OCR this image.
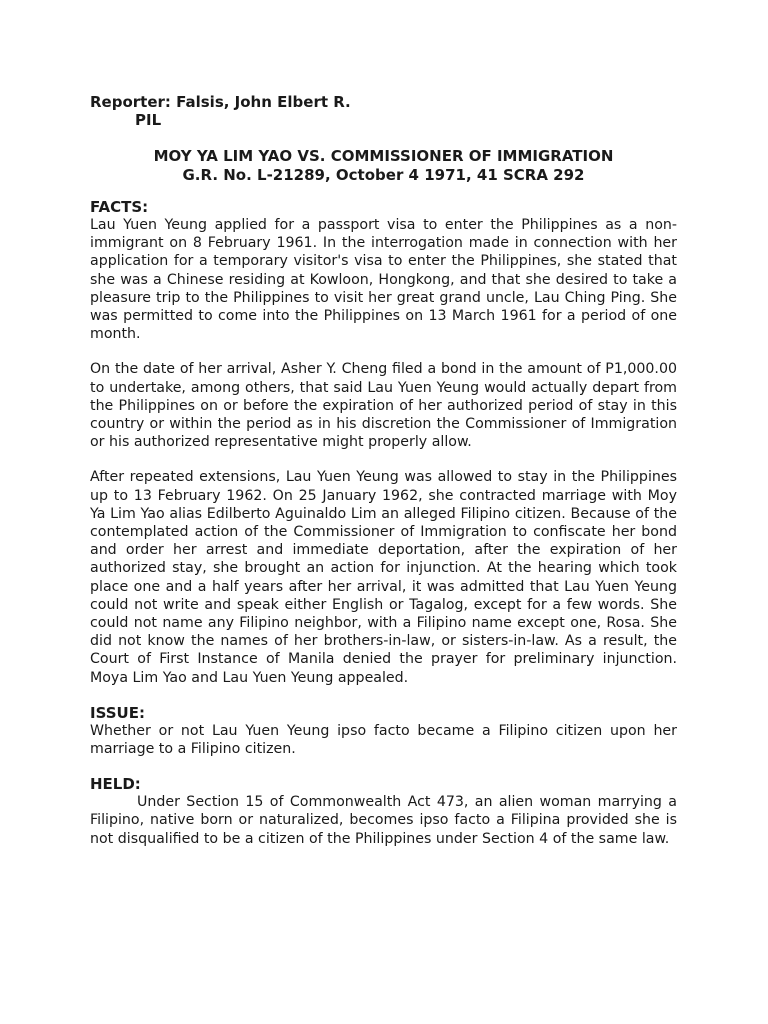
Reporter: Falsis, John Elbert R.

PIL

MOY YA LIM YAO VS. COMMISSIONER OF IMMIGRATION

G.R. No. L-21289, October 4 1971, 41 SCRA 292

FACTS:

Lau Yuen Yeung applied for a passport visa to enter the Philippines as a non-immigrant on 8 February 1961. In the interrogation made in connection with her application for a temporary visitor's visa to enter the Philippines, she stated that she was a Chinese residing at Kowloon, Hongkong, and that she desired to take a pleasure trip to the Philippines to visit her great grand uncle, Lau Ching Ping. She was permitted to come into the Philippines on 13 March 1961 for a period of one month.

On the date of her arrival, Asher Y. Cheng filed a bond in the amount of P1,000.00 to undertake, among others, that said Lau Yuen Yeung would actually depart from the Philippines on or before the expiration of her authorized period of stay in this country or within the period as in his discretion the Commissioner of Immigration or his authorized representative might properly allow.

After repeated extensions, Lau Yuen Yeung was allowed to stay in the Philippines up to 13 February 1962. On 25 January 1962, she contracted marriage with Moy Ya Lim Yao alias Edilberto Aguinaldo Lim an alleged Filipino citizen. Because of the contemplated action of the Commissioner of Immigration to confiscate her bond and order her arrest and immediate deportation, after the expiration of her authorized stay, she brought an action for injunction. At the hearing which took place one and a half years after her arrival, it was admitted that Lau Yuen Yeung could not write and speak either English or Tagalog, except for a few words. She could not name any Filipino neighbor, with a Filipino name except one, Rosa. She did not know the names of her brothers-in-law, or sisters-in-law. As a result, the Court of First Instance of Manila denied the prayer for preliminary injunction. Moya Lim Yao and Lau Yuen Yeung appealed.

ISSUE:

Whether or not Lau Yuen Yeung ipso facto became a Filipino citizen upon her marriage to a Filipino citizen.

HELD:

Under Section 15 of Commonwealth Act 473, an alien woman marrying a Filipino, native born or naturalized, becomes ipso facto a Filipina provided she is not disqualified to be a citizen of the Philippines under Section 4 of the same law.
